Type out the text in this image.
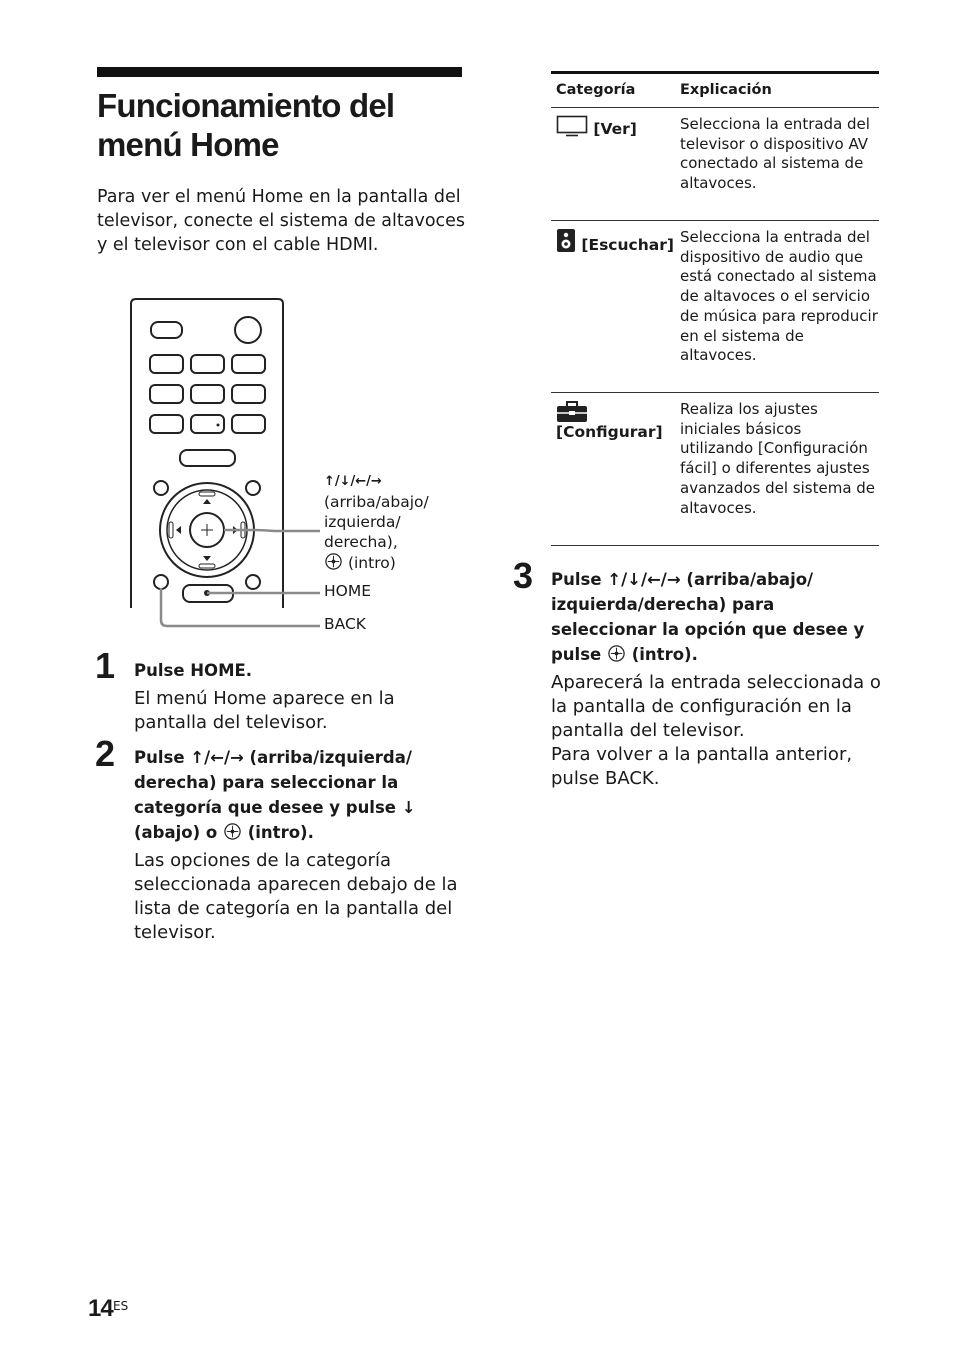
Funcionamiento del
menú Home
Para ver el menú Home en la pantalla del televisor, conecte el sistema de altavoces y el televisor con el cable HDMI.
↑/↓/←/→
(arriba/abajo/
izquierda/
derecha),
(intro)
HOME
BACK
1 Pulse HOME.
El menú Home aparece en la pantalla del televisor.
2 Pulse ↑/←/→ (arriba/izquierda/ derecha) para seleccionar la categoría que desee y pulse ↓ (abajo) o (intro).
Las opciones de la categoría seleccionada aparecen debajo de la lista de categoría en la pantalla del televisor.
Categoría	Explicación
[Ver]	Selecciona la entrada del televisor o dispositivo AV conectado al sistema de altavoces.
[Escuchar] Selecciona la entrada del dispositivo de audio que está conectado al sistema de altavoces o el servicio de música para reproducir en el sistema de altavoces.
[Configurar]
Realiza los ajustes iniciales básicos utilizando [Configuración fácil] o diferentes ajustes avanzados del sistema de altavoces.
3 Pulse ↑/↓/←/→ (arriba/abajo/ izquierda/derecha) para seleccionar la opción que desee y pulse (intro).
Aparecerá la entrada seleccionada o la pantalla de configuración en la pantalla del televisor.
Para volver a la pantalla anterior, pulse BACK.
14 ES
